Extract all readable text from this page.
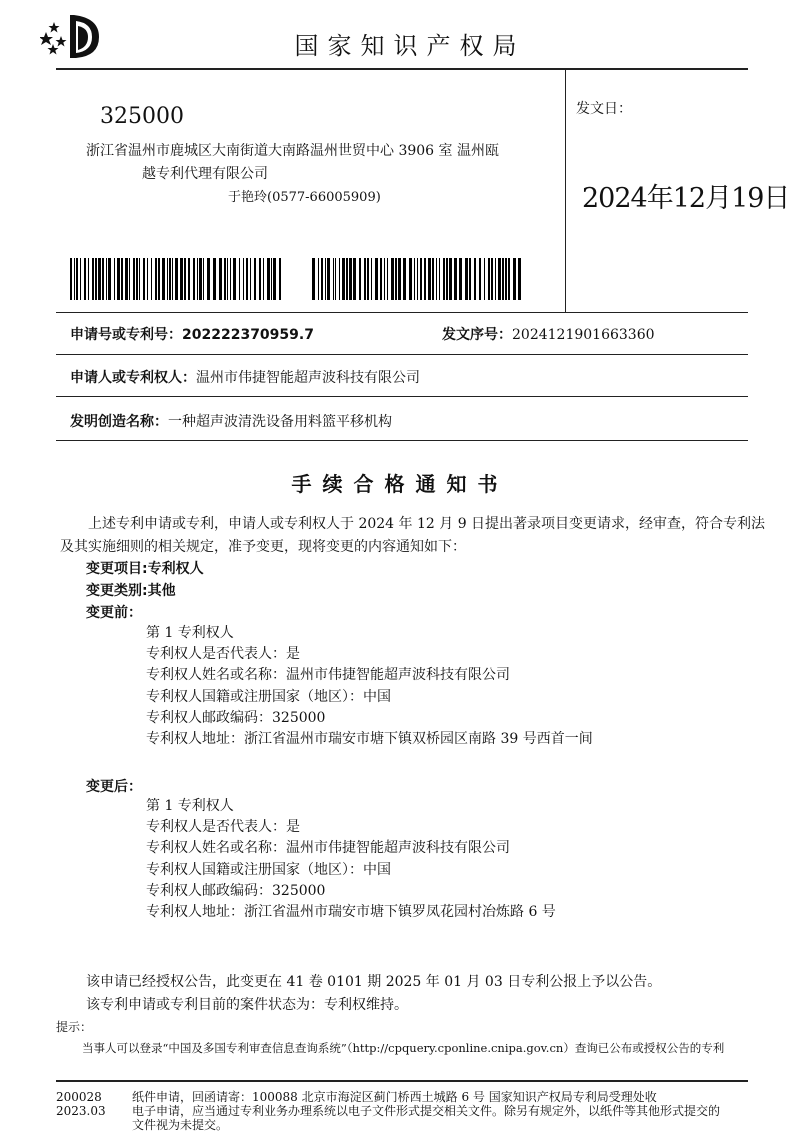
国家知识产权局
325000
浙江省温州市鹿城区大南街道大南路温州世贸中心 3906 室 温州瓯
越专利代理有限公司
于艳玲(0577-66005909)
发文日：
2024年12月19日
申请号或专利号：202222370959.7	发文序号：2024121901663360
申请人或专利权人：温州市伟捷智能超声波科技有限公司
发明创造名称：一种超声波清洗设备用料篮平移机构
手续合格通知书
上述专利申请或专利，申请人或专利权人于 2024 年 12 月 9 日提出著录项目变更请求，经审查，符合专利法及其实施细则的相关规定，准予变更，现将变更的内容通知如下：
变更项目:专利权人
变更类别:其他
变更前：
第 1 专利权人
专利权人是否代表人：是
专利权人姓名或名称：温州市伟捷智能超声波科技有限公司
专利权人国籍或注册国家（地区）：中国
专利权人邮政编码：325000
专利权人地址：浙江省温州市瑞安市塘下镇双桥园区南路 39 号西首一间
变更后：
第 1 专利权人
专利权人是否代表人：是
专利权人姓名或名称：温州市伟捷智能超声波科技有限公司
专利权人国籍或注册国家（地区）：中国
专利权人邮政编码：325000
专利权人地址：浙江省温州市瑞安市塘下镇罗凤花园村冶炼路 6 号
该申请已经授权公告，此变更在 41 卷 0101 期 2025 年 01 月 03 日专利公报上予以公告。
该专利申请或专利目前的案件状态为：专利权维持。
提示：
当事人可以登录“中国及多国专利审查信息查询系统”（http://cpquery.cponline.cnipa.gov.cn）查询已公布或授权公告的专利
200028
2023.03
纸件申请，回函请寄：100088 北京市海淀区蓟门桥西土城路 6 号 国家知识产权局专利局受理处收
电子申请，应当通过专利业务办理系统以电子文件形式提交相关文件。除另有规定外，以纸件等其他形式提交的
文件视为未提交。
